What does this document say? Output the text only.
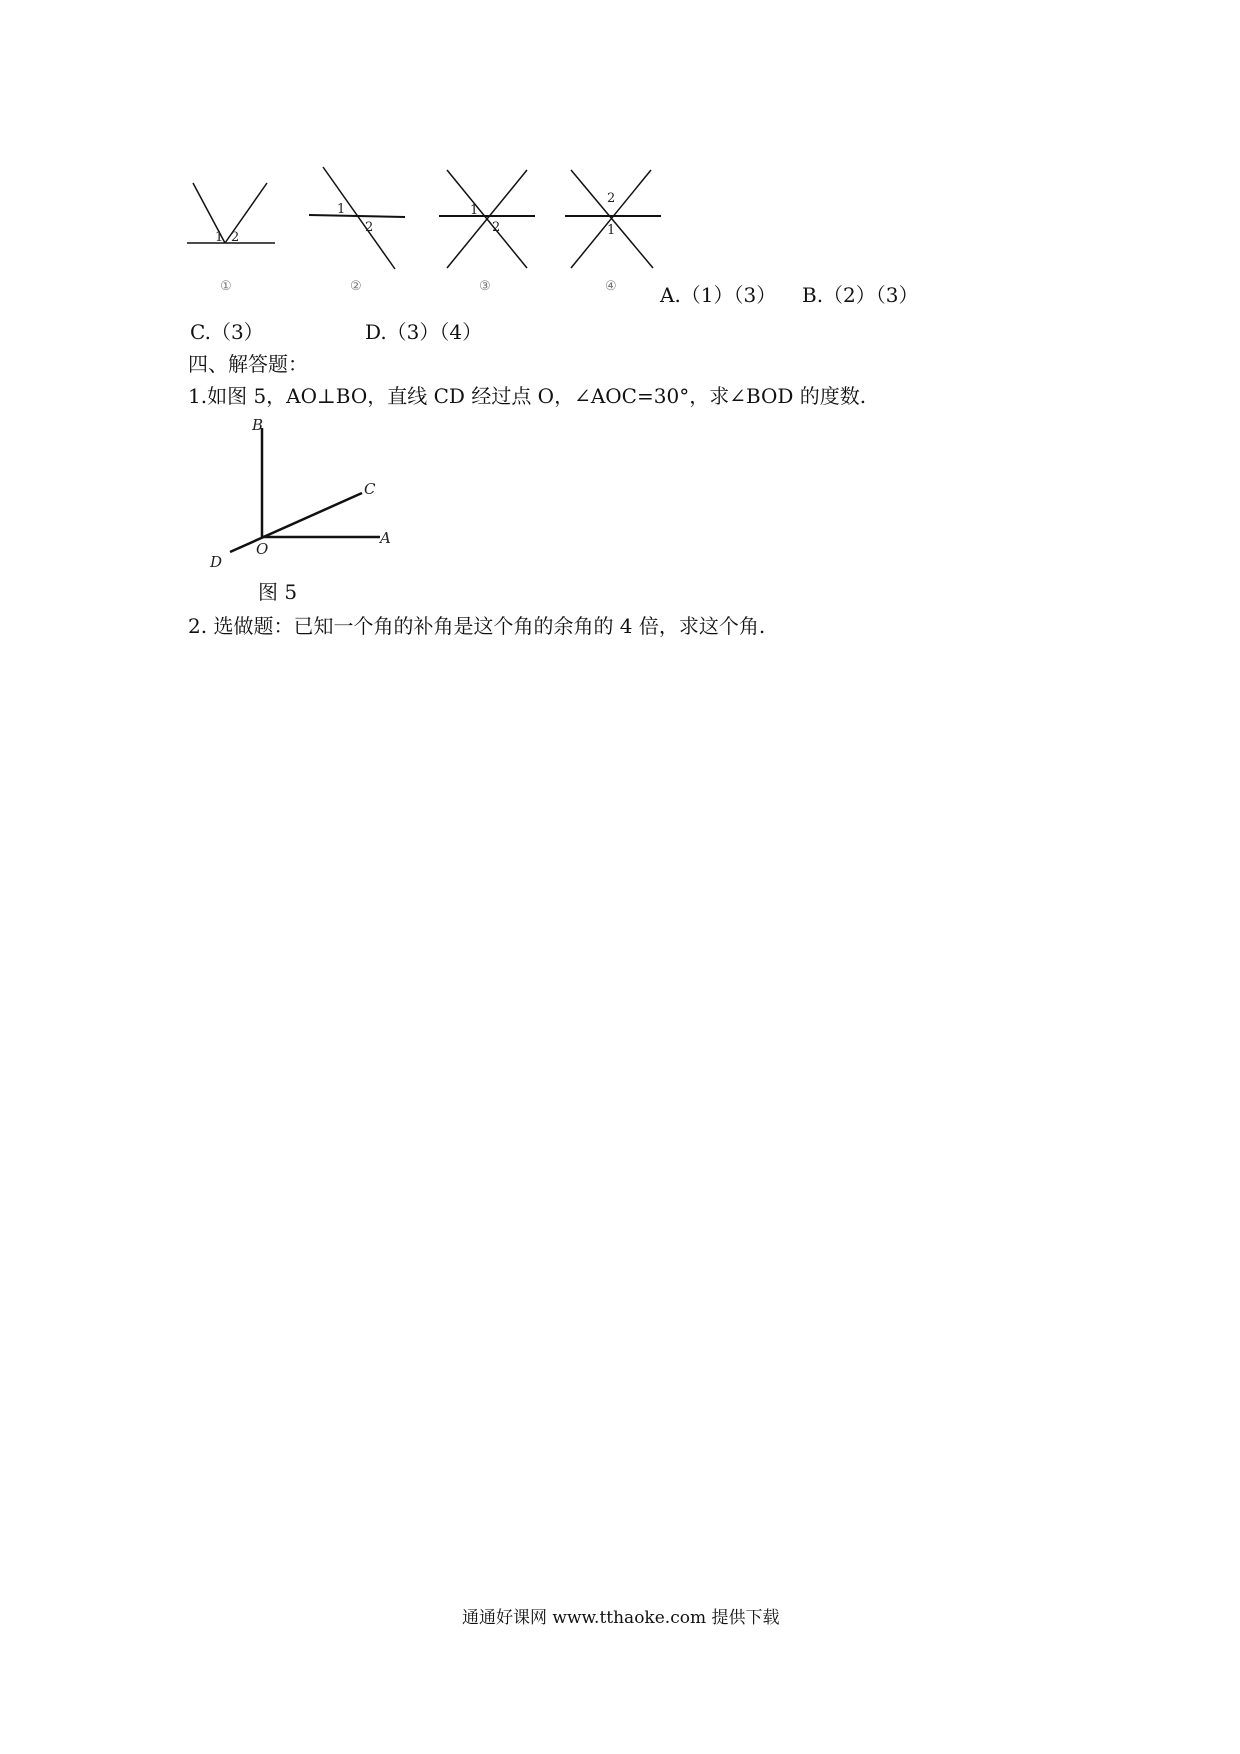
1 2
①
1
2
②
1
2
③
2
1
④ A.（1）（3） B.（2）（3）
C.（3）	D.（3）（4）
四、解答题：
1.如图 5，AO⊥BO，直线 CD 经过点 O，∠AOC=30°，求∠BOD 的度数.
B
C
A
O
D
图 5
2. 选做题：已知一个角的补角是这个角的余角的 4 倍，求这个角.
通通好课网 www.tthaoke.com 提供下载
